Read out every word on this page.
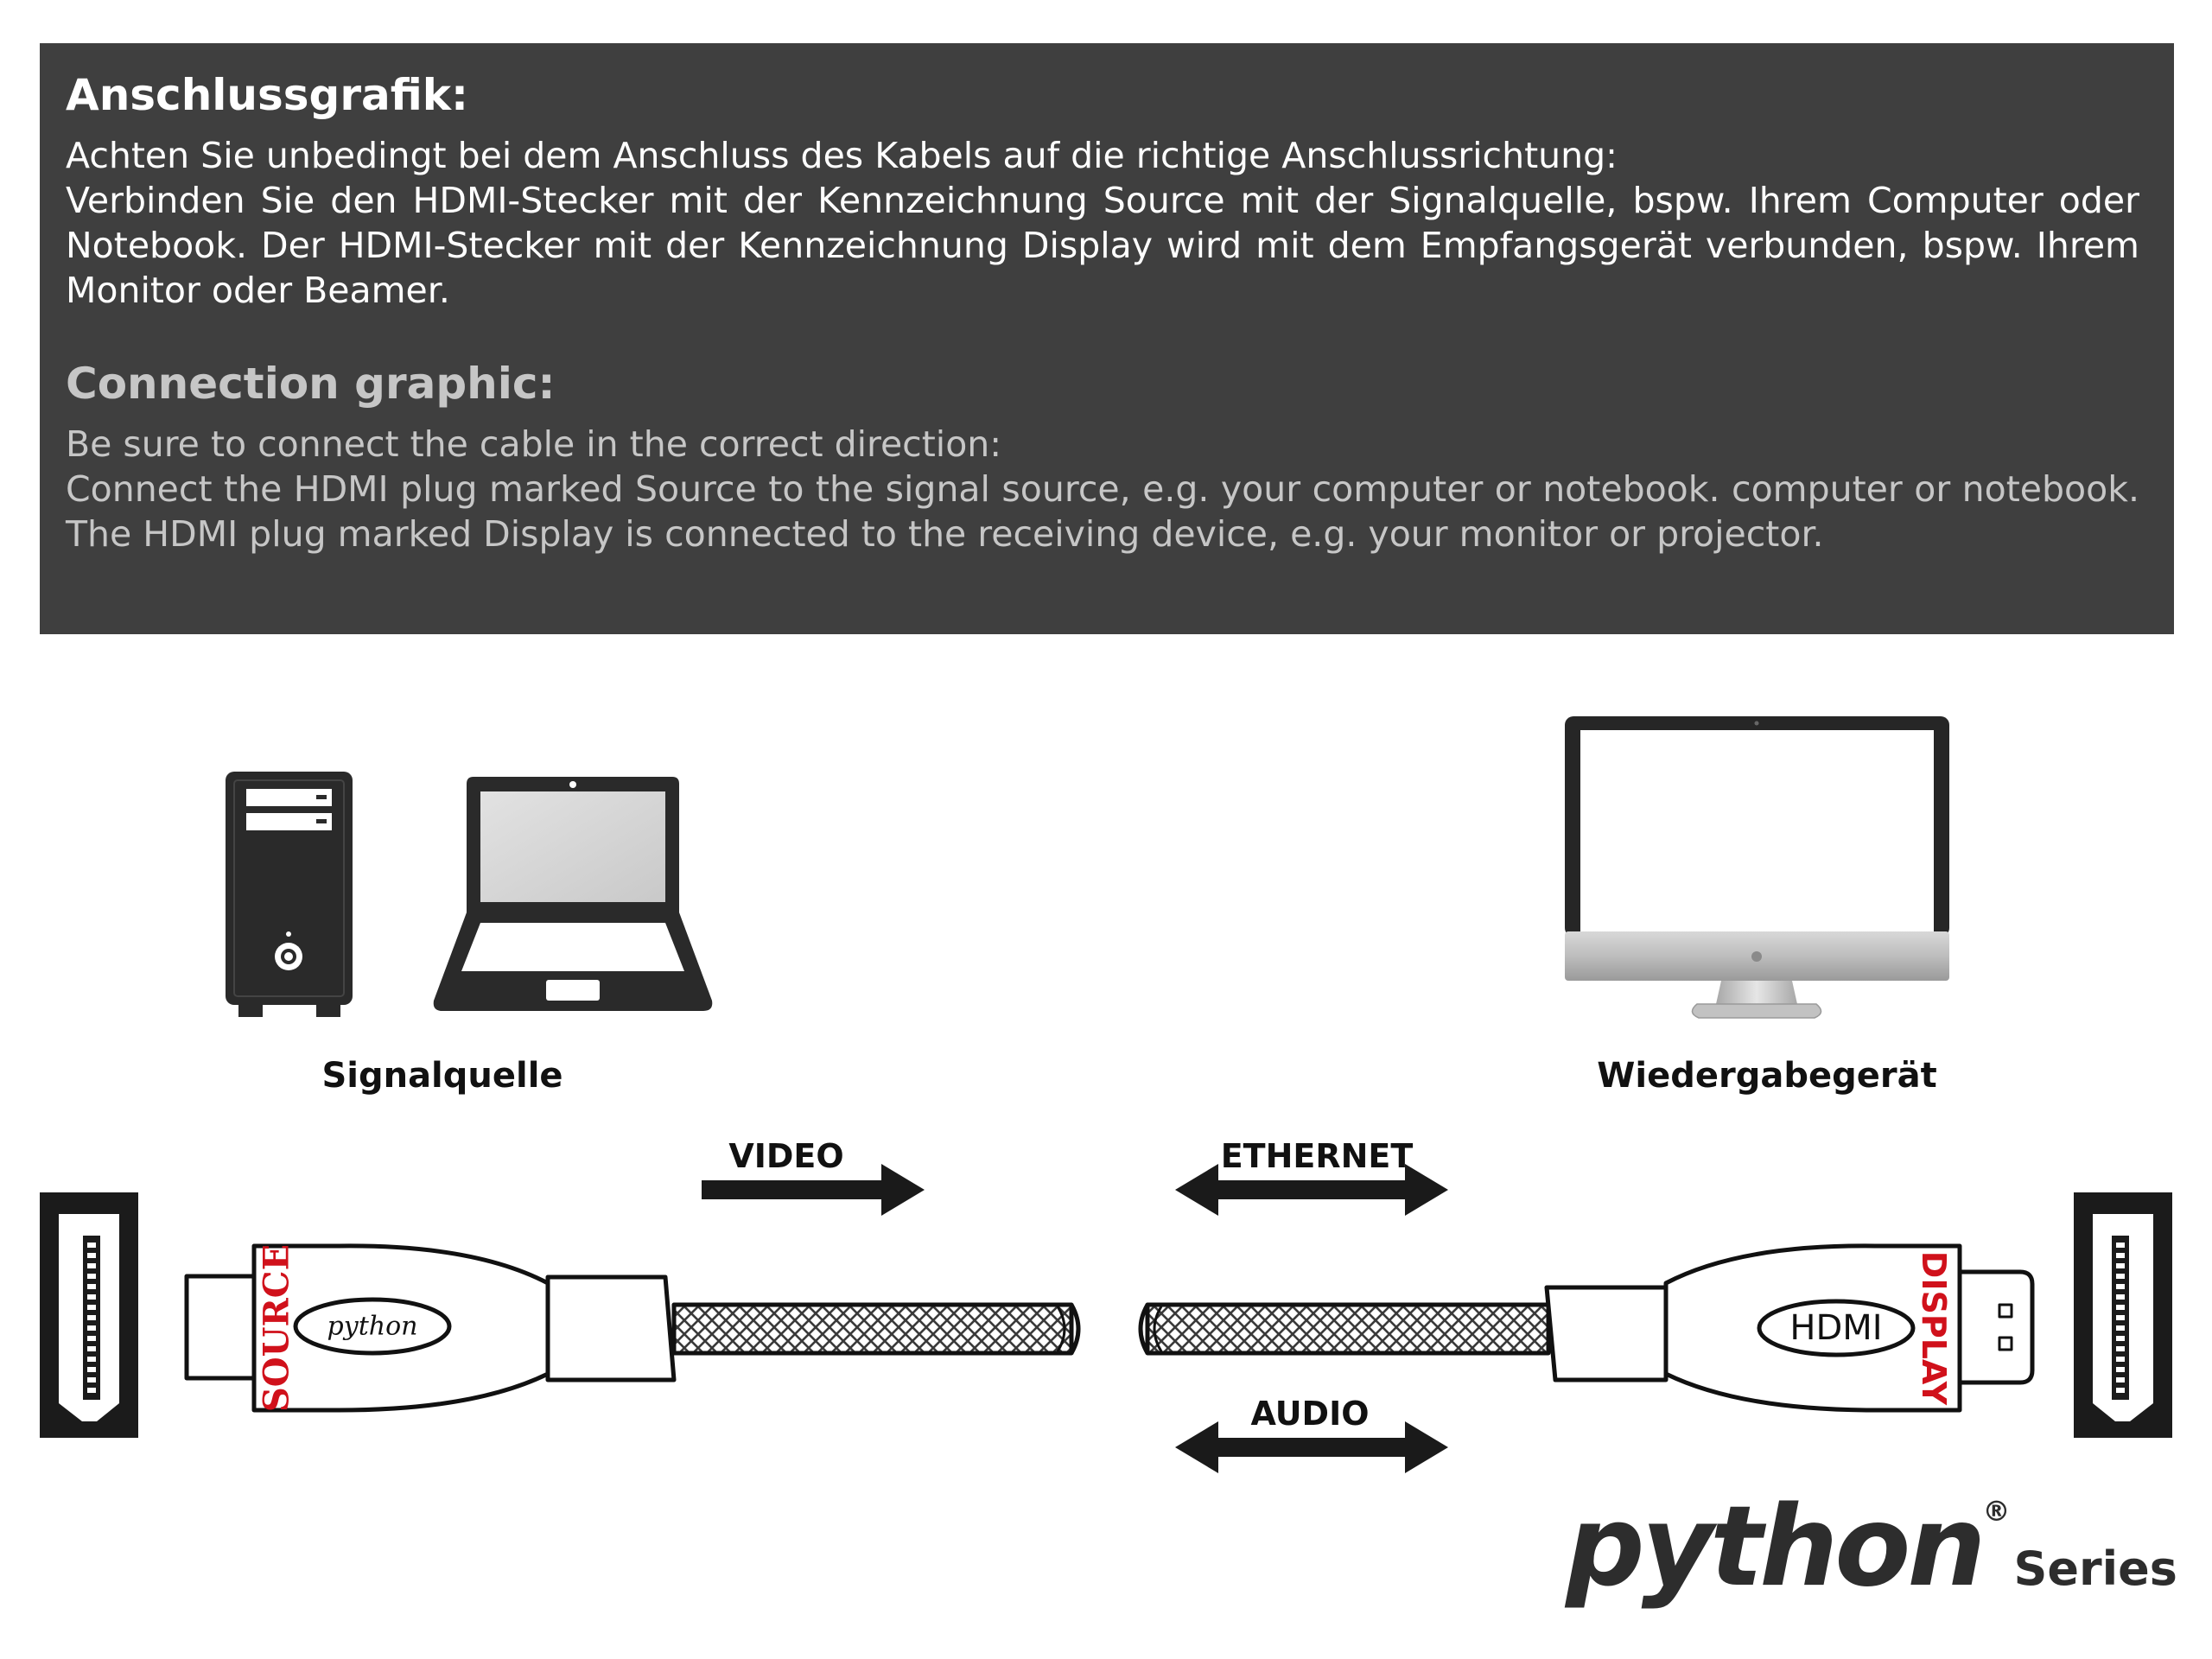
Anschlussgrafik:

Achten Sie unbedingt bei dem Anschluss des Kabels auf die richtige Anschlussrichtung:
Verbinden Sie den HDMI-Stecker mit der Kennzeichnung Source mit der Signalquelle, bspw. Ihrem Computer oder Notebook. Der HDMI-Stecker mit der Kennzeichnung Display wird mit dem Empfangsgerät verbunden, bspw. Ihrem Monitor oder Beamer.

Connection graphic:

Be sure to connect the cable in the correct direction:
Connect the HDMI plug marked Source to the signal source, e.g. your computer or notebook. computer or notebook. The HDMI plug marked Display is connected to the receiving device, e.g. your monitor or projector.

Signalquelle	Wiedergabegerät
VIDEO	ETHERNET
AUDIO
SOURCE python	DISPLAY
HDMI
python®Series
